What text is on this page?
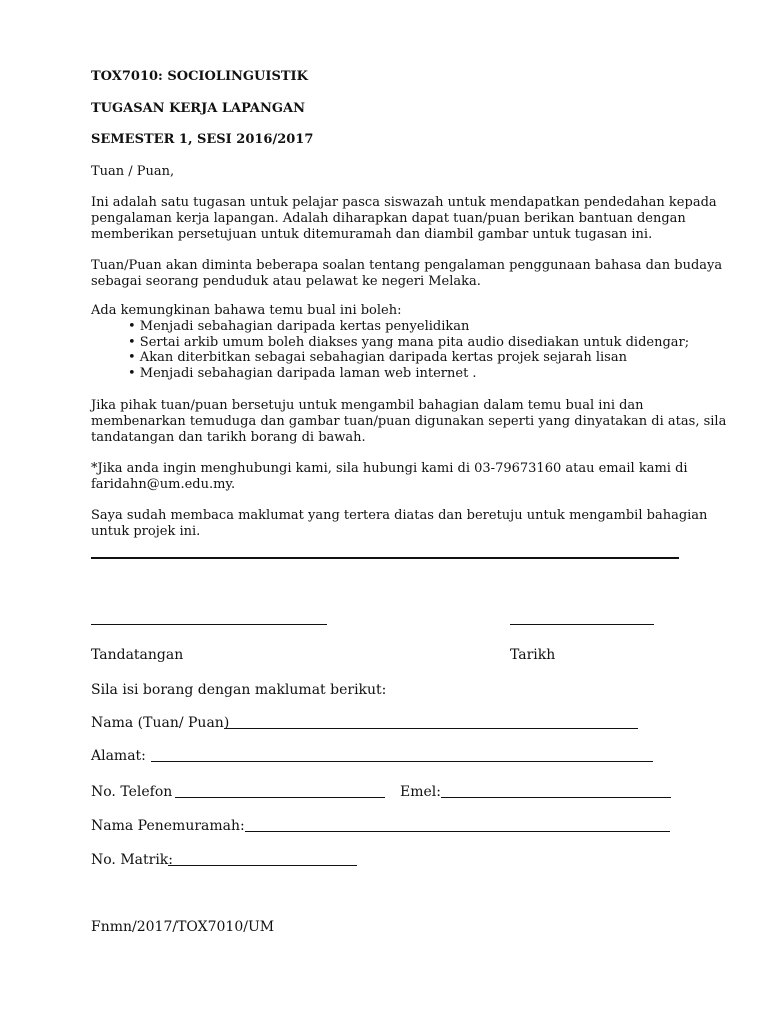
TOX7010: SOCIOLINGUISTIK
TUGASAN KERJA LAPANGAN
SEMESTER 1, SESI 2016/2017
Tuan / Puan,
Ini adalah satu tugasan untuk pelajar pasca siswazah untuk mendapatkan pendedahan kepada
pengalaman kerja lapangan. Adalah diharapkan dapat tuan/puan berikan bantuan dengan
memberikan persetujuan untuk ditemuramah dan diambil gambar untuk tugasan ini.
Tuan/Puan akan diminta beberapa soalan tentang pengalaman penggunaan bahasa dan budaya
sebagai seorang penduduk atau pelawat ke negeri Melaka.
Ada kemungkinan bahawa temu bual ini boleh:
• Menjadi sebahagian daripada kertas penyelidikan
• Sertai arkib umum boleh diakses yang mana pita audio disediakan untuk didengar;
• Akan diterbitkan sebagai sebahagian daripada kertas projek sejarah lisan
• Menjadi sebahagian daripada laman web internet .
Jika pihak tuan/puan bersetuju untuk mengambil bahagian dalam temu bual ini dan
membenarkan temuduga dan gambar tuan/puan digunakan seperti yang dinyatakan di atas, sila
tandatangan dan tarikh borang di bawah.
*Jika anda ingin menghubungi kami, sila hubungi kami di 03-79673160 atau email kami di
faridahn@um.edu.my.
Saya sudah membaca maklumat yang tertera diatas dan beretuju untuk mengambil bahagian
untuk projek ini.
Tandatangan	Tarikh
Sila isi borang dengan maklumat berikut:
Nama (Tuan/ Puan)
Alamat:
No. Telefon	Emel:
Nama Penemuramah:
No. Matrik:
Fnmn/2017/TOX7010/UM
